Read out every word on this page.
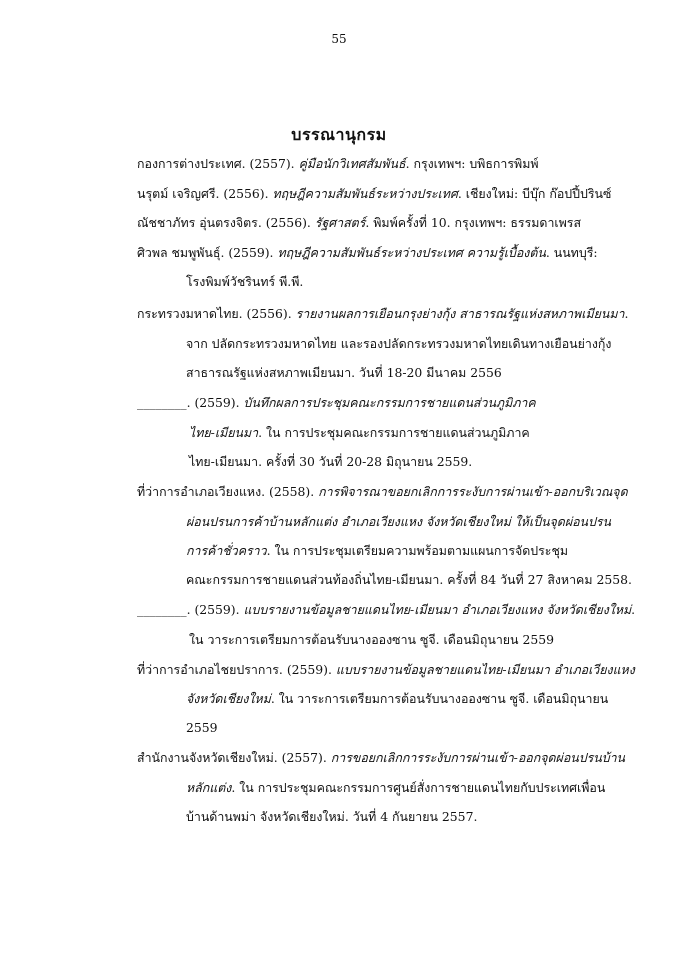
55
บรรณานุกรม
กองการต่างประเทศ. (2557). คู่มือนักวิเทศสัมพันธ์. กรุงเทพฯ: บพิธการพิมพ์
นรุตม์ เจริญศรี. (2556). ทฤษฎีความสัมพันธ์ระหว่างประเทศ. เชียงใหม่: บีบุ๊ก ก๊อปปี้ปรินซ์
ณัชชาภัทร อุ่นตรงจิตร. (2556). รัฐศาสตร์. พิมพ์ครั้งที่ 10. กรุงเทพฯ: ธรรมดาเพรส
ศิวพล ชมพูพันธุ์. (2559). ทฤษฎีความสัมพันธ์ระหว่างประเทศ ความรู้เบื้องต้น. นนทบุรี:
โรงพิมพ์วัชรินทร์ พี.พี.
กระทรวงมหาดไทย. (2556). รายงานผลการเยือนกรุงย่างกุ้ง สาธารณรัฐแห่งสหภาพเมียนมา.
จาก ปลัดกระทรวงมหาดไทย และรองปลัดกระทรวงมหาดไทยเดินทางเยือนย่างกุ้ง
สาธารณรัฐแห่งสหภาพเมียนมา. วันที่ 18-20 มีนาคม 2556
________. (2559). บันทึกผลการประชุมคณะกรรมการชายแดนส่วนภูมิภาค
ไทย-เมียนมา. ใน การประชุมคณะกรรมการชายแดนส่วนภูมิภาค
ไทย-เมียนมา. ครั้งที่ 30 วันที่ 20-28 มิถุนายน 2559.
ที่ว่าการอำเภอเวียงแหง. (2558). การพิจารณาขอยกเลิกการระงับการผ่านเข้า-ออกบริเวณจุด
ผ่อนปรนการค้าบ้านหลักแต่ง อำเภอเวียงแหง จังหวัดเชียงใหม่ ให้เป็นจุดผ่อนปรน
การค้าชั่วคราว. ใน การประชุมเตรียมความพร้อมตามแผนการจัดประชุม
คณะกรรมการชายแดนส่วนท้องถิ่นไทย-เมียนมา. ครั้งที่ 84 วันที่ 27 สิงหาคม 2558.
________. (2559). แบบรายงานข้อมูลชายแดนไทย-เมียนมา อำเภอเวียงแหง จังหวัดเชียงใหม่.
ใน วาระการเตรียมการต้อนรับนางอองซาน ซูจี. เดือนมิถุนายน 2559
ที่ว่าการอำเภอไชยปราการ. (2559). แบบรายงานข้อมูลชายแดนไทย-เมียนมา อำเภอเวียงแหง
จังหวัดเชียงใหม่. ใน วาระการเตรียมการต้อนรับนางอองซาน ซูจี. เดือนมิถุนายน
2559
สำนักงานจังหวัดเชียงใหม่. (2557). การขอยกเลิกการระงับการผ่านเข้า-ออกจุดผ่อนปรนบ้าน
หลักแต่ง. ใน การประชุมคณะกรรมการศูนย์สั่งการชายแดนไทยกับประเทศเพื่อน
บ้านด้านพม่า จังหวัดเชียงใหม่. วันที่ 4 กันยายน 2557.
